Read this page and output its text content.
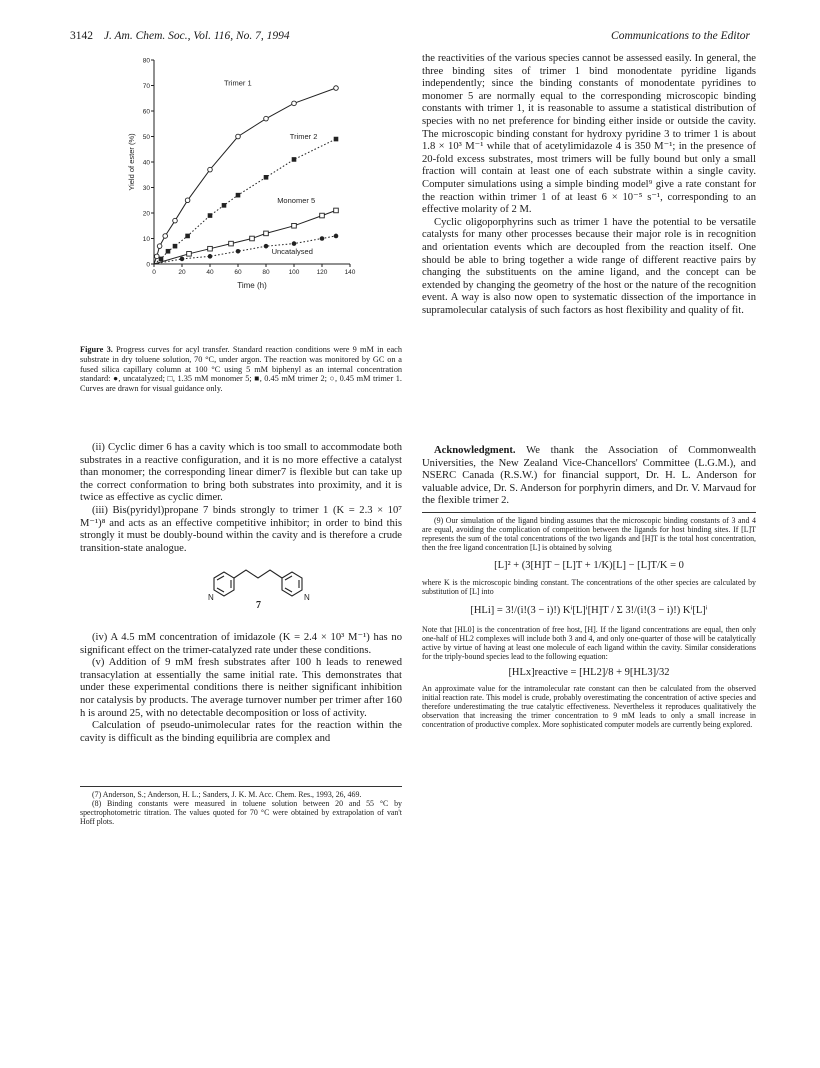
3142 J. Am. Chem. Soc., Vol. 116, No. 7, 1994	Communications to the Editor
0
10
20
30
40
50
60
70
80
0	20	40	60	80	100	120	140
Time (h)
Yield of ester (%)
Trimer 1
Trimer 2
Monomer 5
Uncatalysed

Figure 3. Progress curves for acyl transfer. Standard reaction conditions were 9 mM in each substrate in dry toluene solution, 70 °C, under argon. The reaction was monitored by GC on a fused silica capillary column at 100 °C using 5 mM biphenyl as an internal concentration standard: ●, uncatalyzed; □, 1.35 mM monomer 5; ■, 0.45 mM trimer 2; ○, 0.45 mM trimer 1. Curves are drawn for visual guidance only.

(ii) Cyclic dimer 6 has a cavity which is too small to accommodate both substrates in a reactive configuration, and it is no more effective a catalyst than monomer; the corresponding linear dimer7 is flexible but can take up the correct conformation to bring both substrates into proximity, and it is twice as effective as cyclic dimer.

(iii) Bis(pyridyl)propane 7 binds strongly to trimer 1 (K = 2.3 × 10⁷ M⁻¹)⁸ and acts as an effective competitive inhibitor; in order to bind this strongly it must be doubly-bound within the cavity and is therefore a crude transition-state analogue.

N	N
7

(iv) A 4.5 mM concentration of imidazole (K = 2.4 × 10³ M⁻¹) has no significant effect on the trimer-catalyzed rate under these conditions.

(v) Addition of 9 mM fresh substrates after 100 h leads to renewed transacylation at essentially the same initial rate. This demonstrates that under these experimental conditions there is neither significant inhibition nor catalysis by products. The average turnover number per trimer after 160 h is around 25, with no detectable decomposition or loss of activity.

Calculation of pseudo-unimolecular rates for the reaction within the cavity is difficult as the binding equilibria are complex and

(7) Anderson, S.; Anderson, H. L.; Sanders, J. K. M. Acc. Chem. Res., 1993, 26, 469.

(8) Binding constants were measured in toluene solution between 20 and 55 °C by spectrophotometric titration. The values quoted for 70 °C were obtained by extrapolation of van't Hoff plots.

the reactivities of the various species cannot be assessed easily. In general, the three binding sites of trimer 1 bind monodentate pyridine ligands independently; since the binding constants of monodentate pyridines to monomer 5 are normally equal to the corresponding microscopic binding constants with trimer 1, it is reasonable to assume a statistical distribution of species with no net preference for binding either inside or outside the cavity. The microscopic binding constant for hydroxy pyridine 3 to trimer 1 is about 1.8 × 10³ M⁻¹ while that of acetylimidazole 4 is 350 M⁻¹; in the presence of 20-fold excess substrates, most trimers will be fully bound but only a small fraction will contain at least one of each substrate within a single cavity. Computer simulations using a simple binding model⁹ give a rate constant for the reaction within trimer 1 of at least 6 × 10⁻⁵ s⁻¹, corresponding to an effective molarity of 2 M.

Cyclic oligoporphyrins such as trimer 1 have the potential to be versatile catalysts for many other processes because their major role is in recognition and orientation events which are decoupled from the reaction itself. One should be able to bring together a wide range of different reactive pairs by changing the substituents on the amine ligand, and the concept can be extended by changing the geometry of the host or the nature of the recognition event. A way is also now open to systematic dissection of the importance in supramolecular catalysis of such factors as host flexibility and quality of fit.

Acknowledgment. We thank the Association of Commonwealth Universities, the New Zealand Vice-Chancellors' Committee (L.G.M.), and NSERC Canada (R.S.W.) for financial support, Dr. H. L. Anderson for valuable advice, Dr. S. Anderson for porphyrin dimers, and Dr. V. Marvaud for the flexible trimer 2.

(9) Our simulation of the ligand binding assumes that the microscopic binding constants of 3 and 4 are equal, avoiding the complication of competition between the ligands for host binding sites. If [L]T represents the sum of the total concentrations of the two ligands and [H]T is the total host concentration, then the free ligand concentration [L] is obtained by solving

[L]² + (3[H]T − [L]T + 1/K)[L] − [L]T/K = 0

where K is the microscopic binding constant. The concentrations of the other species are calculated by substitution of [L] into

[HLi] = 3!/(i!(3 − i)!) Kⁱ[L]ⁱ[H]T / Σ 3!/(i!(3 − i)!) Kⁱ[L]ⁱ

Note that [HL0] is the concentration of free host, [H]. If the ligand concentrations are equal, then only one-half of HL2 complexes will include both 3 and 4, and only one-quarter of those will be catalytically active by virtue of having at least one molecule of each ligand within the cavity. Similar considerations for the triply-bound species lead to the following equation:

[HLx]reactive = [HL2]/8 + 9[HL3]/32

An approximate value for the intramolecular rate constant can then be calculated from the observed initial reaction rate. This model is crude, probably overestimating the concentration of active species and therefore underestimating the true catalytic effectiveness. Nevertheless it reproduces qualitatively the observation that increasing the trimer concentration to 9 mM leads to only a small increase in concentration of productive complex. More sophisticated computer models are currently being explored.
